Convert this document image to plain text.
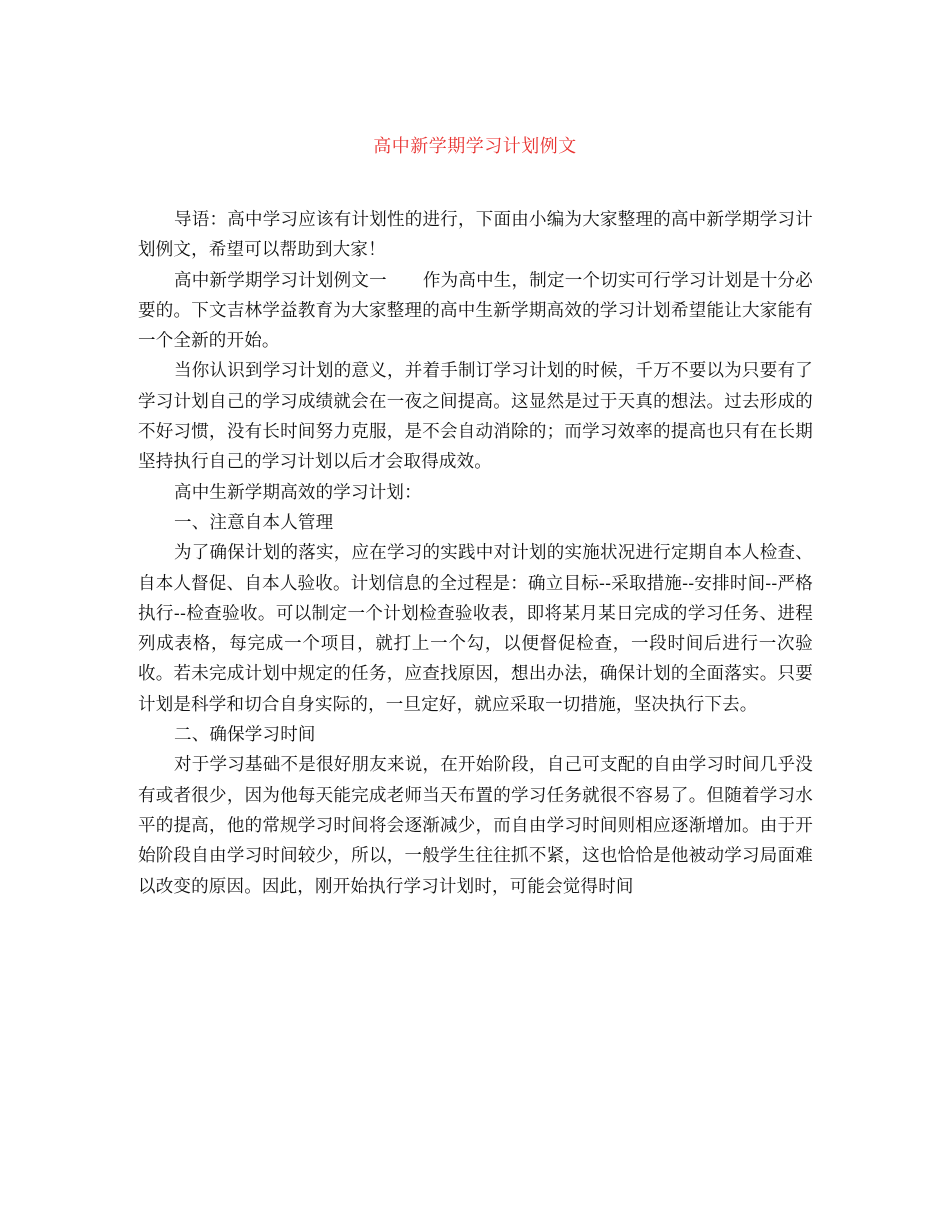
高中新学期学习计划例文

导语：高中学习应该有计划性的进行，下面由小编为大家整理的高中新学期学习计划例文，希望可以帮助到大家！

高中新学期学习计划例文一 作为高中生，制定一个切实可行学习计划是十分必要的。下文吉林学益教育为大家整理的高中生新学期高效的学习计划希望能让大家能有一个全新的开始。

当你认识到学习计划的意义，并着手制订学习计划的时候，千万不要以为只要有了学习计划自己的学习成绩就会在一夜之间提高。这显然是过于天真的想法。过去形成的不好习惯，没有长时间努力克服，是不会自动消除的；而学习效率的提高也只有在长期坚持执行自己的学习计划以后才会取得成效。

高中生新学期高效的学习计划：

一、注意自本人管理

为了确保计划的落实，应在学习的实践中对计划的实施状况进行定期自本人检查、自本人督促、自本人验收。计划信息的全过程是：确立目标--采取措施--安排时间--严格执行--检查验收。可以制定一个计划检查验收表，即将某月某日完成的学习任务、进程列成表格，每完成一个项目，就打上一个勾，以便督促检查，一段时间后进行一次验收。若未完成计划中规定的任务，应查找原因，想出办法，确保计划的全面落实。只要计划是科学和切合自身实际的，一旦定好，就应采取一切措施，坚决执行下去。

二、确保学习时间

对于学习基础不是很好朋友来说，在开始阶段，自己可支配的自由学习时间几乎没有或者很少，因为他每天能完成老师当天布置的学习任务就很不容易了。但随着学习水平的提高，他的常规学习时间将会逐渐减少，而自由学习时间则相应逐渐增加。由于开始阶段自由学习时间较少，所以，一般学生往往抓不紧，这也恰恰是他被动学习局面难以改变的原因。因此，刚开始执行学习计划时，可能会觉得时间
